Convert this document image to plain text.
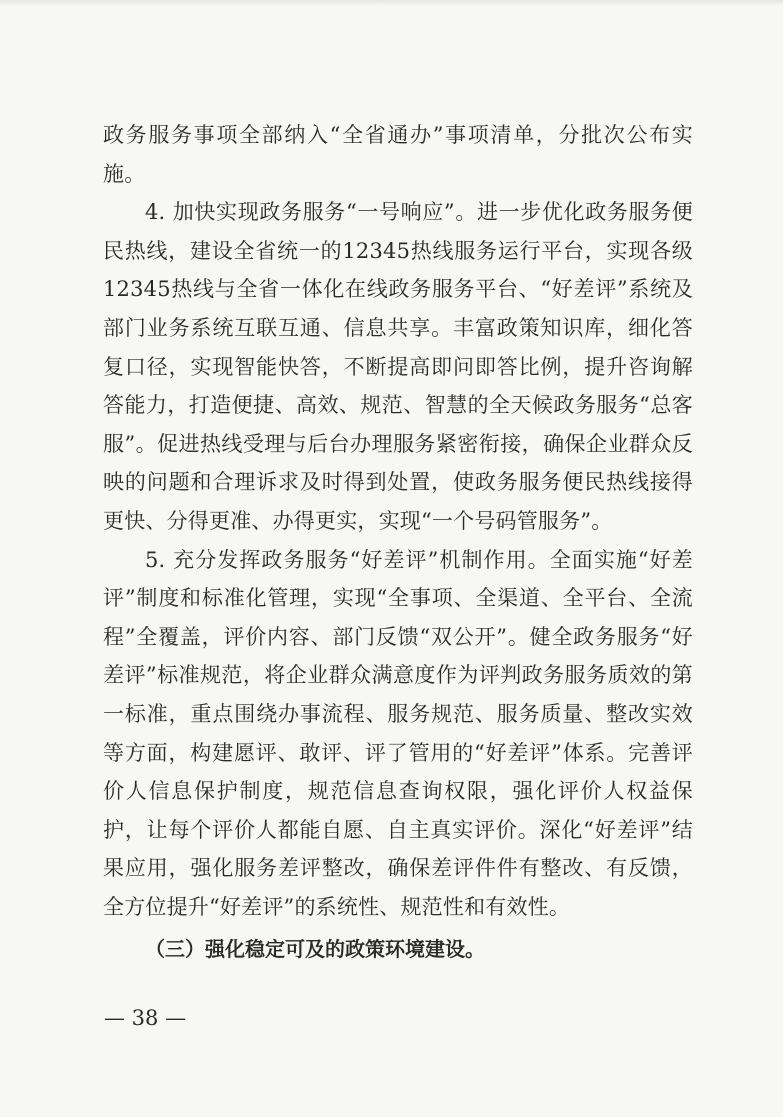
政务服务事项全部纳入“全省通办”事项清单，分批次公布实施。

4. 加快实现政务服务“一号响应”。进一步优化政务服务便民热线，建设全省统一的12345热线服务运行平台，实现各级12345热线与全省一体化在线政务服务平台、“好差评”系统及部门业务系统互联互通、信息共享。丰富政策知识库，细化答复口径，实现智能快答，不断提高即问即答比例，提升咨询解答能力，打造便捷、高效、规范、智慧的全天候政务服务“总客服”。促进热线受理与后台办理服务紧密衔接，确保企业群众反映的问题和合理诉求及时得到处置，使政务服务便民热线接得更快、分得更准、办得更实，实现“一个号码管服务”。

5. 充分发挥政务服务“好差评”机制作用。全面实施“好差评”制度和标准化管理，实现“全事项、全渠道、全平台、全流程”全覆盖，评价内容、部门反馈“双公开”。健全政务服务“好差评”标准规范，将企业群众满意度作为评判政务服务质效的第一标准，重点围绕办事流程、服务规范、服务质量、整改实效等方面，构建愿评、敢评、评了管用的“好差评”体系。完善评价人信息保护制度，规范信息查询权限，强化评价人权益保护，让每个评价人都能自愿、自主真实评价。深化“好差评”结果应用，强化服务差评整改，确保差评件件有整改、有反馈，全方位提升“好差评”的系统性、规范性和有效性。

（三）强化稳定可及的政策环境建设。

— 38 —
